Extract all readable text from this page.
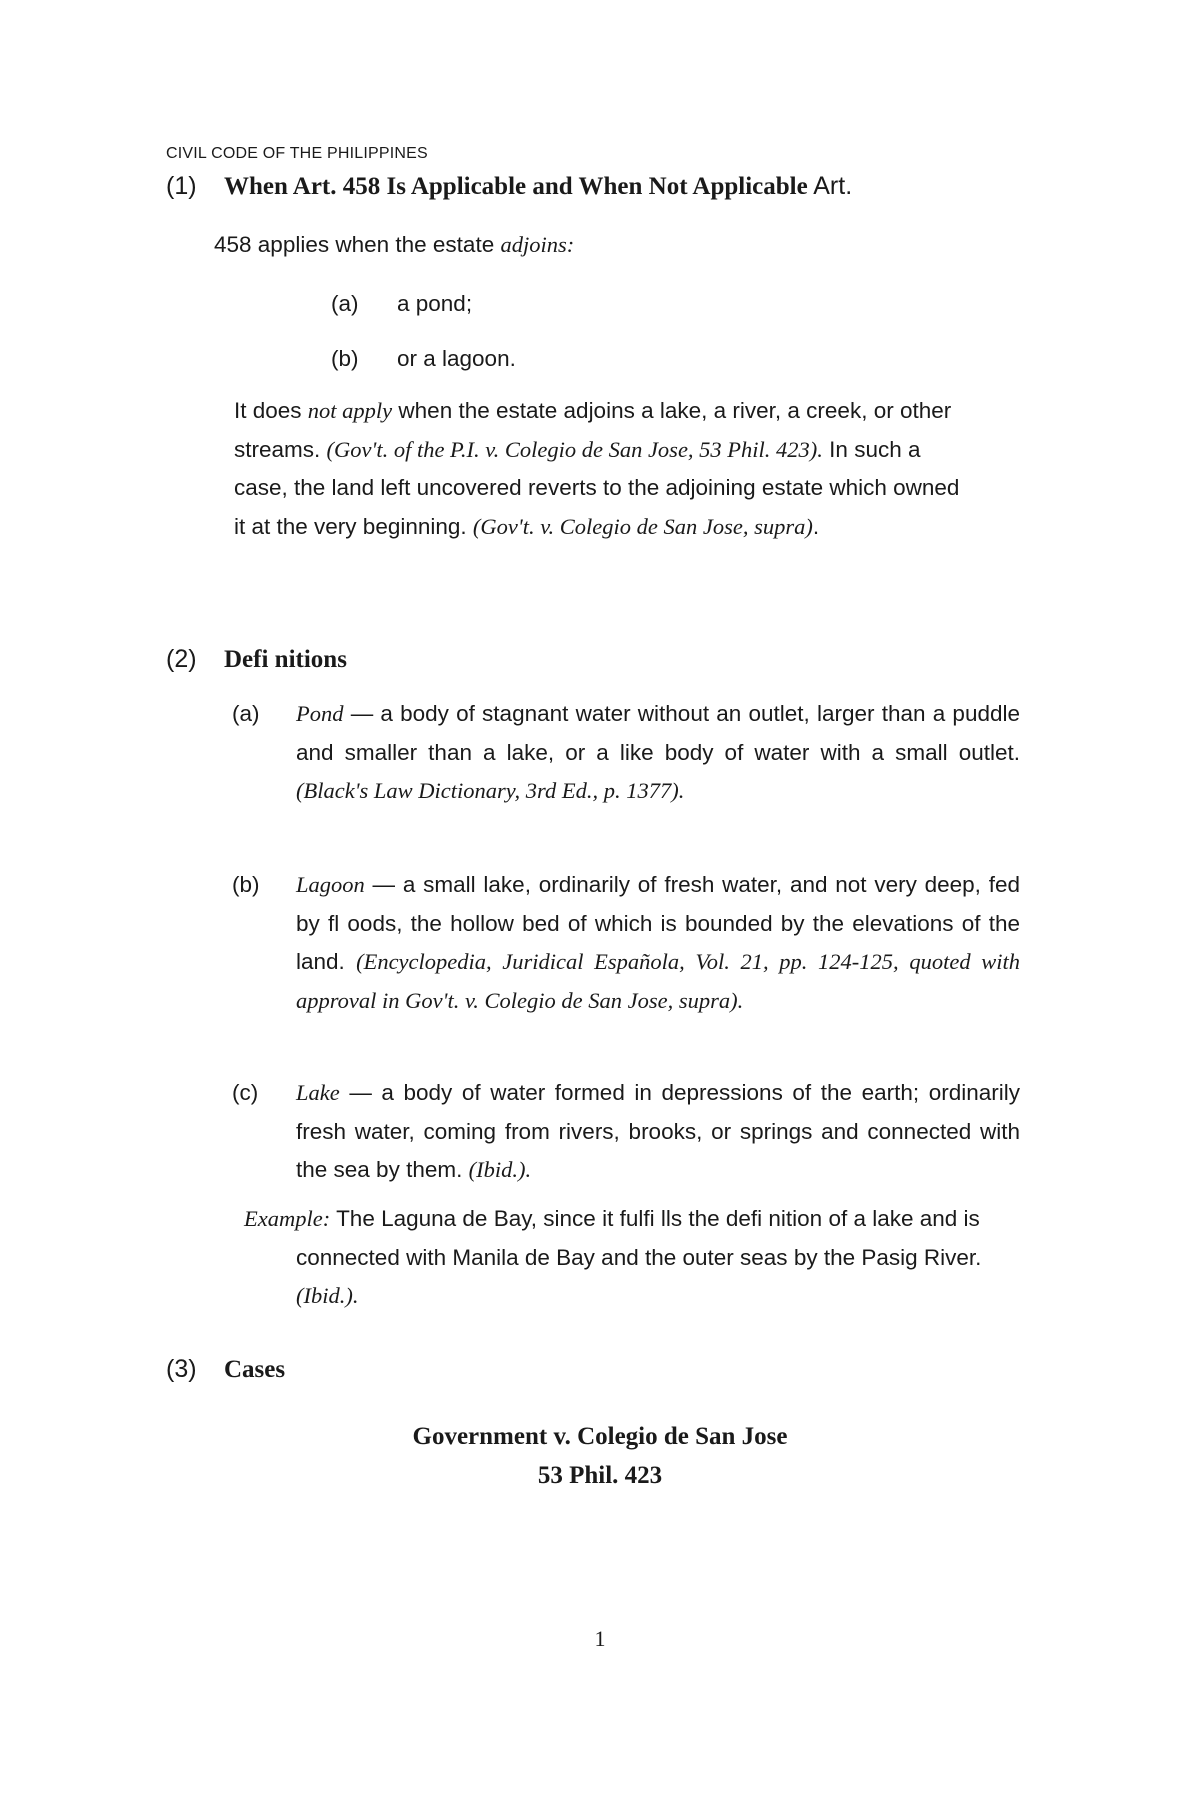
CIVIL CODE OF THE PHILIPPINES
(1) When Art. 458 Is Applicable and When Not Applicable Art.
458 applies when the estate adjoins:
(a) a pond;
(b) or a lagoon.
It does not apply when the estate adjoins a lake, a river, a creek, or other streams. (Gov't. of the P.I. v. Colegio de San Jose, 53 Phil. 423). In such a case, the land left uncovered reverts to the adjoining estate which owned it at the very beginning. (Gov't. v. Colegio de San Jose, supra).
(2) Defi nitions
(a) Pond — a body of stagnant water without an outlet, larger than a puddle and smaller than a lake, or a like body of water with a small outlet. (Black's Law Dictionary, 3rd Ed., p. 1377).
(b) Lagoon — a small lake, ordinarily of fresh water, and not very deep, fed by fl oods, the hollow bed of which is bounded by the elevations of the land. (Encyclopedia, Juridical Española, Vol. 21, pp. 124-125, quoted with approval in Gov't. v. Colegio de San Jose, supra).
(c) Lake — a body of water formed in depressions of the earth; ordinarily fresh water, coming from rivers, brooks, or springs and connected with the sea by them. (Ibid.).
Example: The Laguna de Bay, since it fulfi lls the defi nition of a lake and is connected with Manila de Bay and the outer seas by the Pasig River. (Ibid.).
(3) Cases
Government v. Colegio de San Jose
53 Phil. 423
1
